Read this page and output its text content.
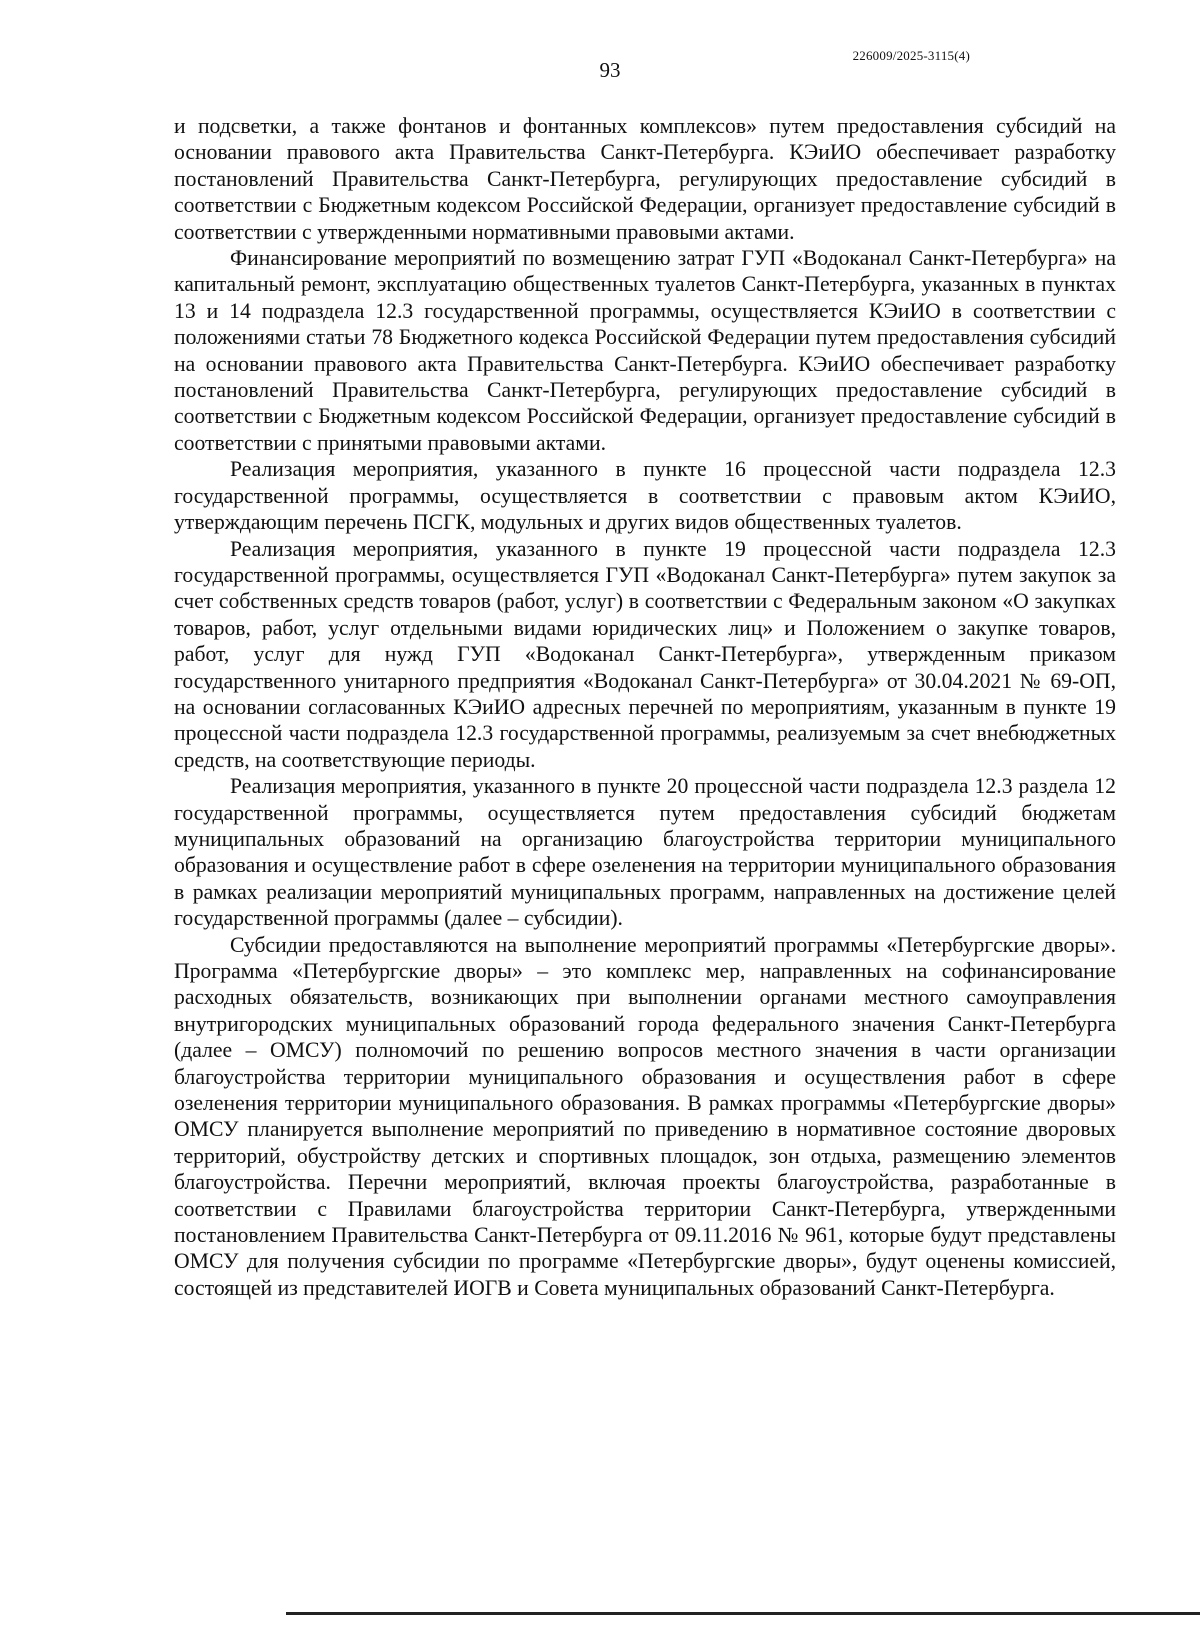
226009/2025-3115(4)
93

и подсветки, а также фонтанов и фонтанных комплексов» путем предоставления субсидий на основании правового акта Правительства Санкт-Петербурга. КЭиИО обеспечивает разработку постановлений Правительства Санкт-Петербурга, регулирующих предоставление субсидий в соответствии с Бюджетным кодексом Российской Федерации, организует предоставление субсидий в соответствии с утвержденными нормативными правовыми актами.

Финансирование мероприятий по возмещению затрат ГУП «Водоканал Санкт-Петербурга» на капитальный ремонт, эксплуатацию общественных туалетов Санкт-Петербурга, указанных в пунктах 13 и 14 подраздела 12.3 государственной программы, осуществляется КЭиИО в соответствии с положениями статьи 78 Бюджетного кодекса Российской Федерации путем предоставления субсидий на основании правового акта Правительства Санкт-Петербурга. КЭиИО обеспечивает разработку постановлений Правительства Санкт-Петербурга, регулирующих предоставление субсидий в соответствии с Бюджетным кодексом Российской Федерации, организует предоставление субсидий в соответствии с принятыми правовыми актами.

Реализация мероприятия, указанного в пункте 16 процессной части подраздела 12.3 государственной программы, осуществляется в соответствии с правовым актом КЭиИО, утверждающим перечень ПСГК, модульных и других видов общественных туалетов.

Реализация мероприятия, указанного в пункте 19 процессной части подраздела 12.3 государственной программы, осуществляется ГУП «Водоканал Санкт-Петербурга» путем закупок за счет собственных средств товаров (работ, услуг) в соответствии с Федеральным законом «О закупках товаров, работ, услуг отдельными видами юридических лиц» и Положением о закупке товаров, работ, услуг для нужд ГУП «Водоканал Санкт-Петербурга», утвержденным приказом государственного унитарного предприятия «Водоканал Санкт-Петербурга» от 30.04.2021 № 69-ОП, на основании согласованных КЭиИО адресных перечней по мероприятиям, указанным в пункте 19 процессной части подраздела 12.3 государственной программы, реализуемым за счет внебюджетных средств, на соответствующие периоды.

Реализация мероприятия, указанного в пункте 20 процессной части подраздела 12.3 раздела 12 государственной программы, осуществляется путем предоставления субсидий бюджетам муниципальных образований на организацию благоустройства территории муниципального образования и осуществление работ в сфере озеленения на территории муниципального образования в рамках реализации мероприятий муниципальных программ, направленных на достижение целей государственной программы (далее – субсидии).

Субсидии предоставляются на выполнение мероприятий программы «Петербургские дворы». Программа «Петербургские дворы» – это комплекс мер, направленных на софинансирование расходных обязательств, возникающих при выполнении органами местного самоуправления внутригородских муниципальных образований города федерального значения Санкт-Петербурга (далее – ОМСУ) полномочий по решению вопросов местного значения в части организации благоустройства территории муниципального образования и осуществления работ в сфере озеленения территории муниципального образования. В рамках программы «Петербургские дворы» ОМСУ планируется выполнение мероприятий по приведению в нормативное состояние дворовых территорий, обустройству детских и спортивных площадок, зон отдыха, размещению элементов благоустройства. Перечни мероприятий, включая проекты благоустройства, разработанные в соответствии с Правилами благоустройства территории Санкт-Петербурга, утвержденными постановлением Правительства Санкт-Петербурга от 09.11.2016 № 961, которые будут представлены ОМСУ для получения субсидии по программе «Петербургские дворы», будут оценены комиссией, состоящей из представителей ИОГВ и Совета муниципальных образований Санкт-Петербурга.
